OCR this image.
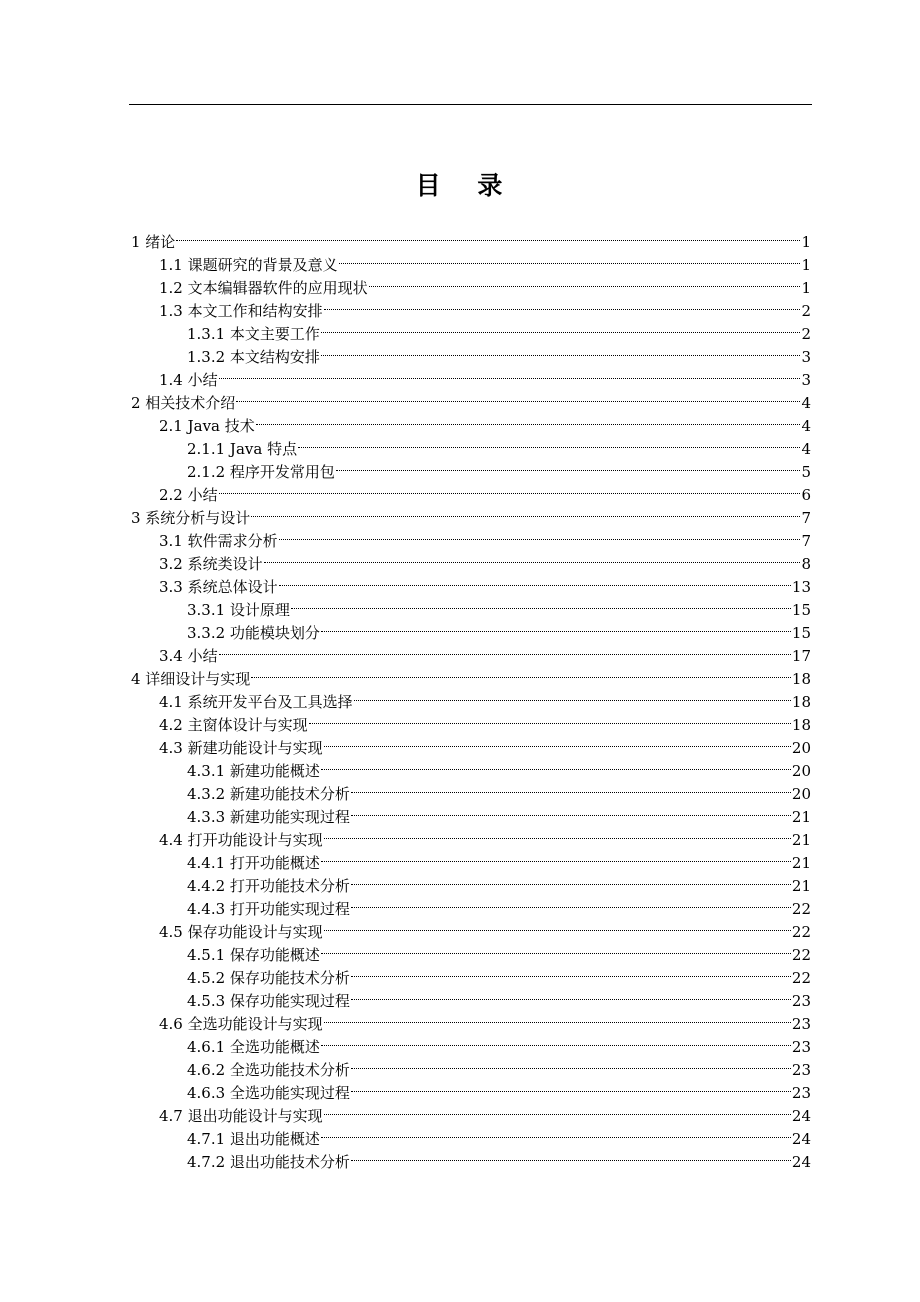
目 录
1 绪论	1
1.1 课题研究的背景及意义	1
1.2 文本编辑器软件的应用现状	1
1.3 本文工作和结构安排	2
1.3.1 本文主要工作	2
1.3.2 本文结构安排	3
1.4 小结	3
2 相关技术介绍	4
2.1 Java 技术	4
2.1.1 Java 特点	4
2.1.2 程序开发常用包	5
2.2 小结	6
3 系统分析与设计	7
3.1 软件需求分析	7
3.2 系统类设计	8
3.3 系统总体设计	13
3.3.1 设计原理	15
3.3.2 功能模块划分	15
3.4 小结	17
4 详细设计与实现	18
4.1 系统开发平台及工具选择	18
4.2 主窗体设计与实现	18
4.3 新建功能设计与实现	20
4.3.1 新建功能概述	20
4.3.2 新建功能技术分析	20
4.3.3 新建功能实现过程	21
4.4 打开功能设计与实现	21
4.4.1 打开功能概述	21
4.4.2 打开功能技术分析	21
4.4.3 打开功能实现过程	22
4.5 保存功能设计与实现	22
4.5.1 保存功能概述	22
4.5.2 保存功能技术分析	22
4.5.3 保存功能实现过程	23
4.6 全选功能设计与实现	23
4.6.1 全选功能概述	23
4.6.2 全选功能技术分析	23
4.6.3 全选功能实现过程	23
4.7 退出功能设计与实现	24
4.7.1 退出功能概述	24
4.7.2 退出功能技术分析	24
